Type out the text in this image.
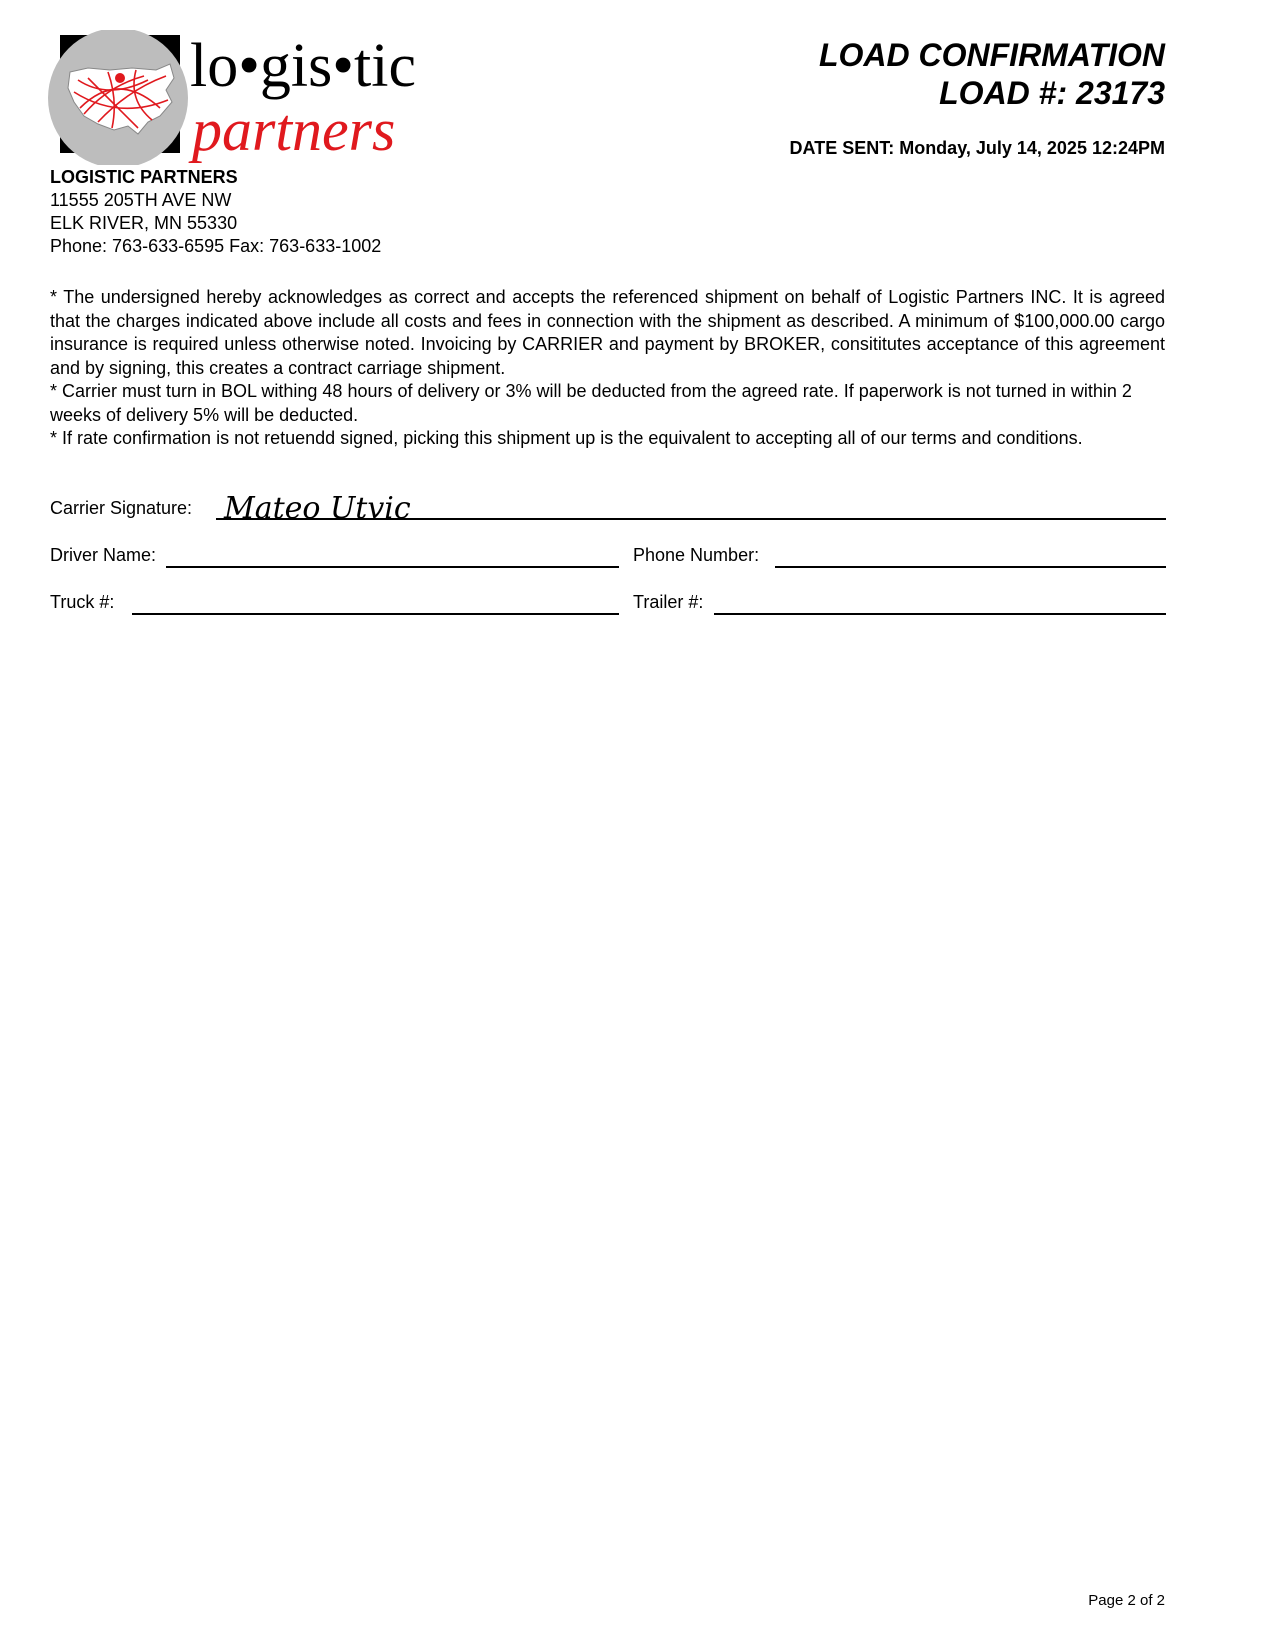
lo•gis•tic
partners
LOAD CONFIRMATION
LOAD #: 23173
DATE SENT: Monday, July 14, 2025 12:24PM
LOGISTIC PARTNERS
11555 205TH AVE NW
ELK RIVER, MN 55330
Phone: 763-633-6595 Fax: 763-633-1002

* The undersigned hereby acknowledges as correct and accepts the referenced shipment on behalf of Logistic Partners INC. It is agreed that the charges indicated above include all costs and fees in connection with the shipment as described. A minimum of $100,000.00 cargo insurance is required unless otherwise noted. Invoicing by CARRIER and payment by BROKER, consititutes acceptance of this agreement and by signing, this creates a contract carriage shipment.

* Carrier must turn in BOL withing 48 hours of delivery or 3% will be deducted from the agreed rate. If paperwork is not turned in within 2 weeks of delivery 5% will be deducted.

* If rate confirmation is not retuendd signed, picking this shipment up is the equivalent to accepting all of our terms and conditions.

Carrier Signature: Mateo Utvic
Driver Name:	Phone Number:
Truck #:	Trailer #:
Page 2 of 2
